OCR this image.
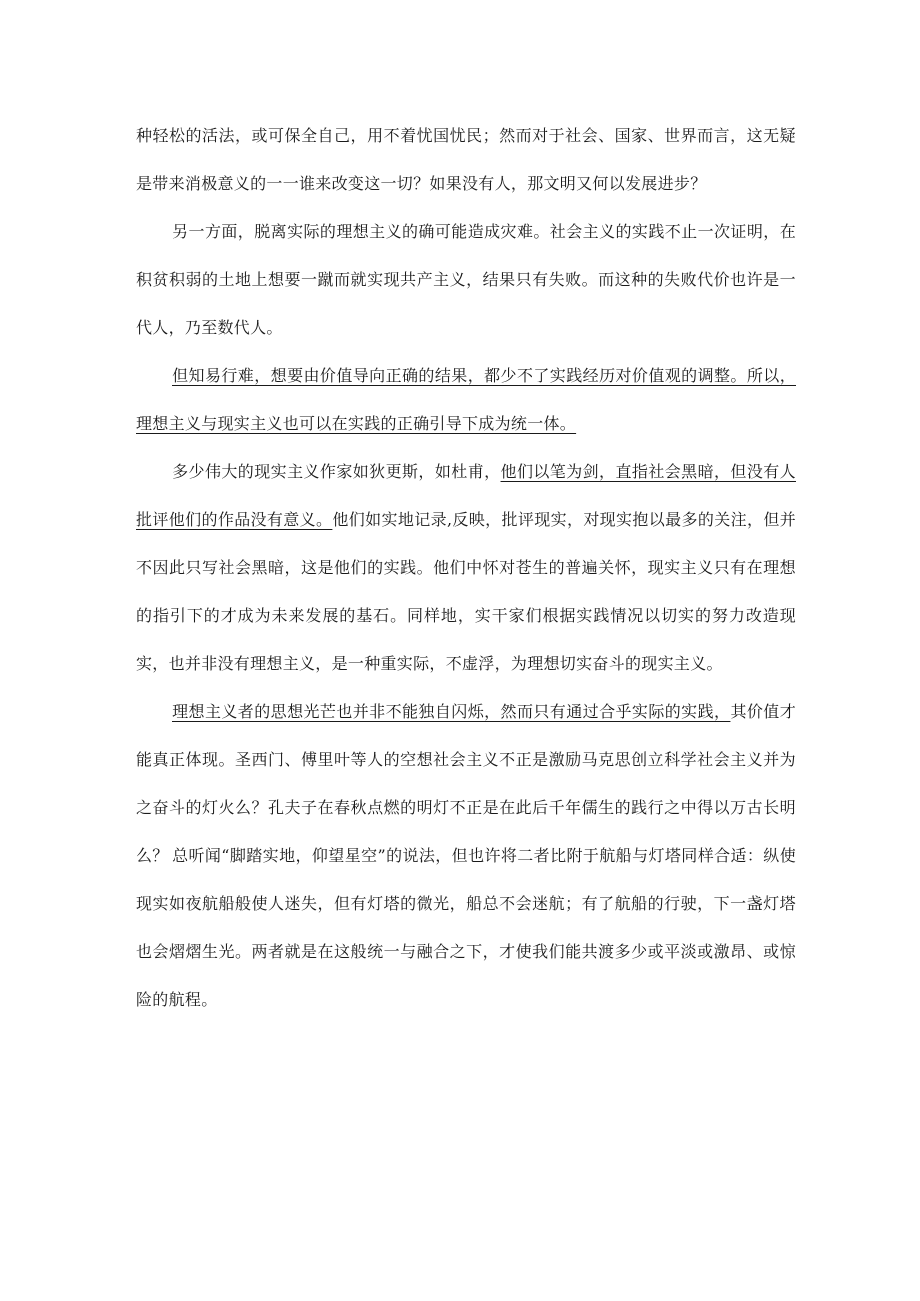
种轻松的活法，或可保全自己，用不着忧国忧民；然而对于社会、国家、世界而言，这无疑是带来消极意义的一一谁来改变这一切？如果没有人，那文明又何以发展进步？

另一方面，脱离实际的理想主义的确可能造成灾难。社会主义的实践不止一次证明，在积贫积弱的土地上想要一蹴而就实现共产主义，结果只有失败。而这种的失败代价也许是一代人，乃至数代人。

但知易行难，想要由价值导向正确的结果，都少不了实践经历对价值观的调整。所以，理想主义与现实主义也可以在实践的正确引导下成为统一体。

多少伟大的现实主义作家如狄更斯，如杜甫，他们以笔为剑，直指社会黑暗，但没有人批评他们的作品没有意义。他们如实地记录,反映，批评现实，对现实抱以最多的关注，但并不因此只写社会黑暗，这是他们的实践。他们中怀对苍生的普遍关怀，现实主义只有在理想的指引下的才成为未来发展的基石。同样地，实干家们根据实践情况以切实的努力改造现实，也并非没有理想主义，是一种重实际，不虚浮，为理想切实奋斗的现实主义。

理想主义者的思想光芒也并非不能独自闪烁，然而只有通过合乎实际的实践，其价值才能真正体现。圣西门、傅里叶等人的空想社会主义不正是激励马克思创立科学社会主义并为之奋斗的灯火么？孔夫子在春秋点燃的明灯不正是在此后千年儒生的践行之中得以万古长明么？ 总听闻“脚踏实地，仰望星空”的说法，但也许将二者比附于航船与灯塔同样合适：纵使现实如夜航船般使人迷失，但有灯塔的微光，船总不会迷航；有了航船的行驶，下一盏灯塔也会熠熠生光。两者就是在这般统一与融合之下，才使我们能共渡多少或平淡或激昂、或惊险的航程。
